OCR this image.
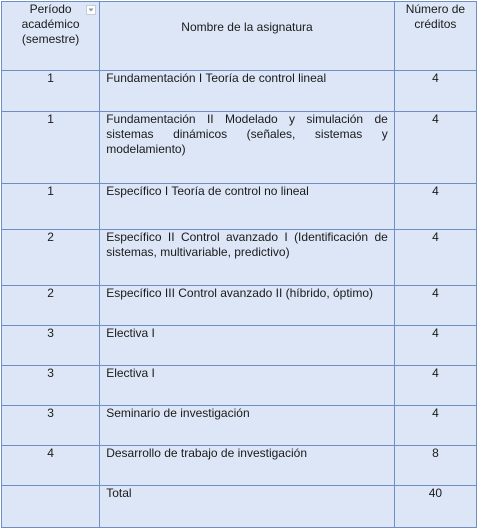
Período académico (semestre)	Nombre de la asignatura	Número de créditos

1	Fundamentación I Teoría de control lineal	4
1	Fundamentación II Modelado y simulación de sistemas dinámicos (señales, sistemas y modelamiento)	4
1	Específico I Teoría de control no lineal	4
2	Específico II Control avanzado I (Identificación de sistemas, multivariable, predictivo)	4
2	Específico III Control avanzado II (híbrido, óptimo)	4
3	Electiva I	4
3	Electiva I	4
3	Seminario de investigación	4
4	Desarrollo de trabajo de investigación	8
	Total	40
